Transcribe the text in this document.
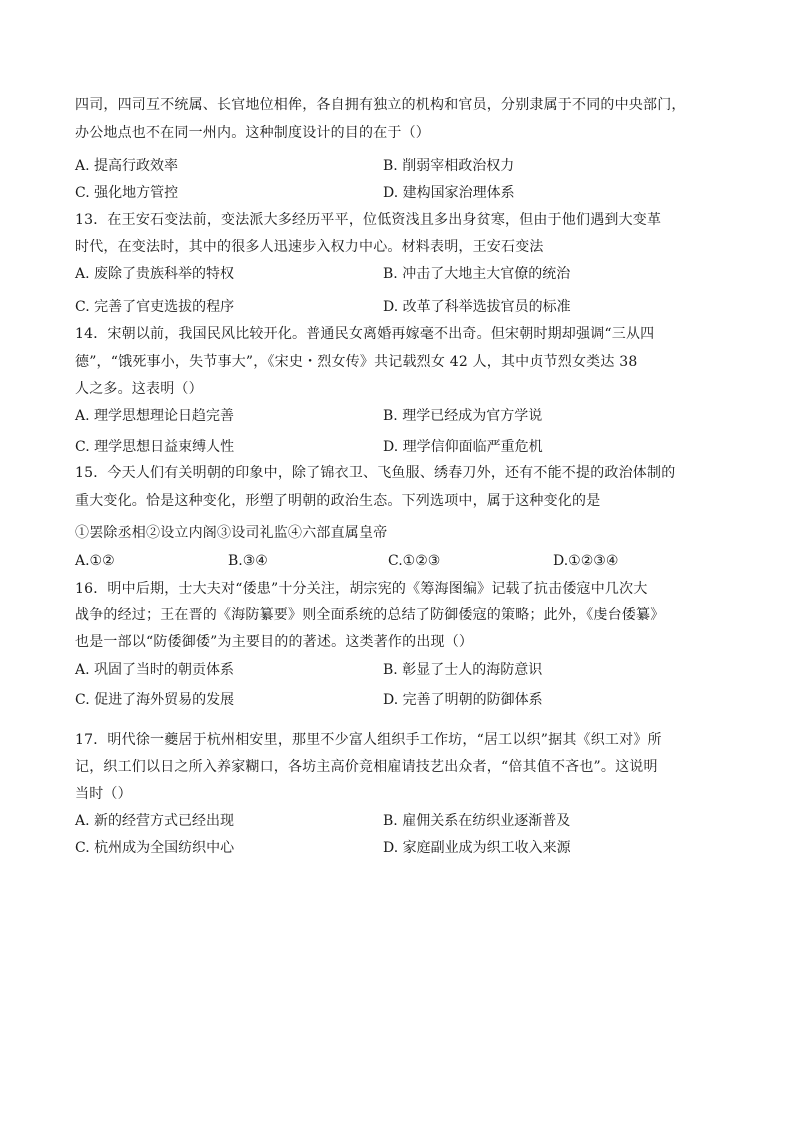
四司，四司互不统属、长官地位相侔，各自拥有独立的机构和官员，分别隶属于不同的中央部门，
办公地点也不在同一州内。这种制度设计的目的在于（）
A. 提高行政效率	B. 削弱宰相政治权力
C. 强化地方管控	D. 建构国家治理体系
13．在王安石变法前，变法派大多经历平平，位低资浅且多出身贫寒，但由于他们遇到大变革
时代，在变法时，其中的很多人迅速步入权力中心。材料表明，王安石变法
A. 废除了贵族科举的特权	B. 冲击了大地主大官僚的统治
C. 完善了官吏选拔的程序	D. 改革了科举选拔官员的标准
14．宋朝以前，我国民风比较开化。普通民女离婚再嫁毫不出奇。但宋朝时期却强调“三从四
德”，“饿死事小，失节事大”，《宋史・烈女传》共记载烈女 42 人，其中贞节烈女类达 38
人之多。这表明（）
A. 理学思想理论日趋完善	B. 理学已经成为官方学说
C. 理学思想日益束缚人性	D. 理学信仰面临严重危机
15．今天人们有关明朝的印象中，除了锦衣卫、飞鱼服、绣春刀外，还有不能不提的政治体制的
重大变化。恰是这种变化，形塑了明朝的政治生态。下列选项中，属于这种变化的是
①罢除丞相②设立内阁③设司礼监④六部直属皇帝
A.①②	B.③④	C.①②③	D.①②③④
16．明中后期，士大夫对“倭患”十分关注，胡宗宪的《筹海图编》记载了抗击倭寇中几次大
战争的经过；王在晋的《海防纂要》则全面系统的总结了防御倭寇的策略；此外，《虔台倭纂》
也是一部以“防倭御倭”为主要目的的著述。这类著作的出现（）
A. 巩固了当时的朝贡体系	B. 彰显了士人的海防意识
C. 促进了海外贸易的发展	D. 完善了明朝的防御体系
17．明代徐一夔居于杭州相安里，那里不少富人组织手工作坊，“居工以织”据其《织工对》所
记，织工们以日之所入养家糊口，各坊主高价竞相雇请技艺出众者，“倍其值不吝也”。这说明
当时（）
A. 新的经营方式已经出现	B. 雇佣关系在纺织业逐渐普及
C. 杭州成为全国纺织中心	D. 家庭副业成为织工收入来源
